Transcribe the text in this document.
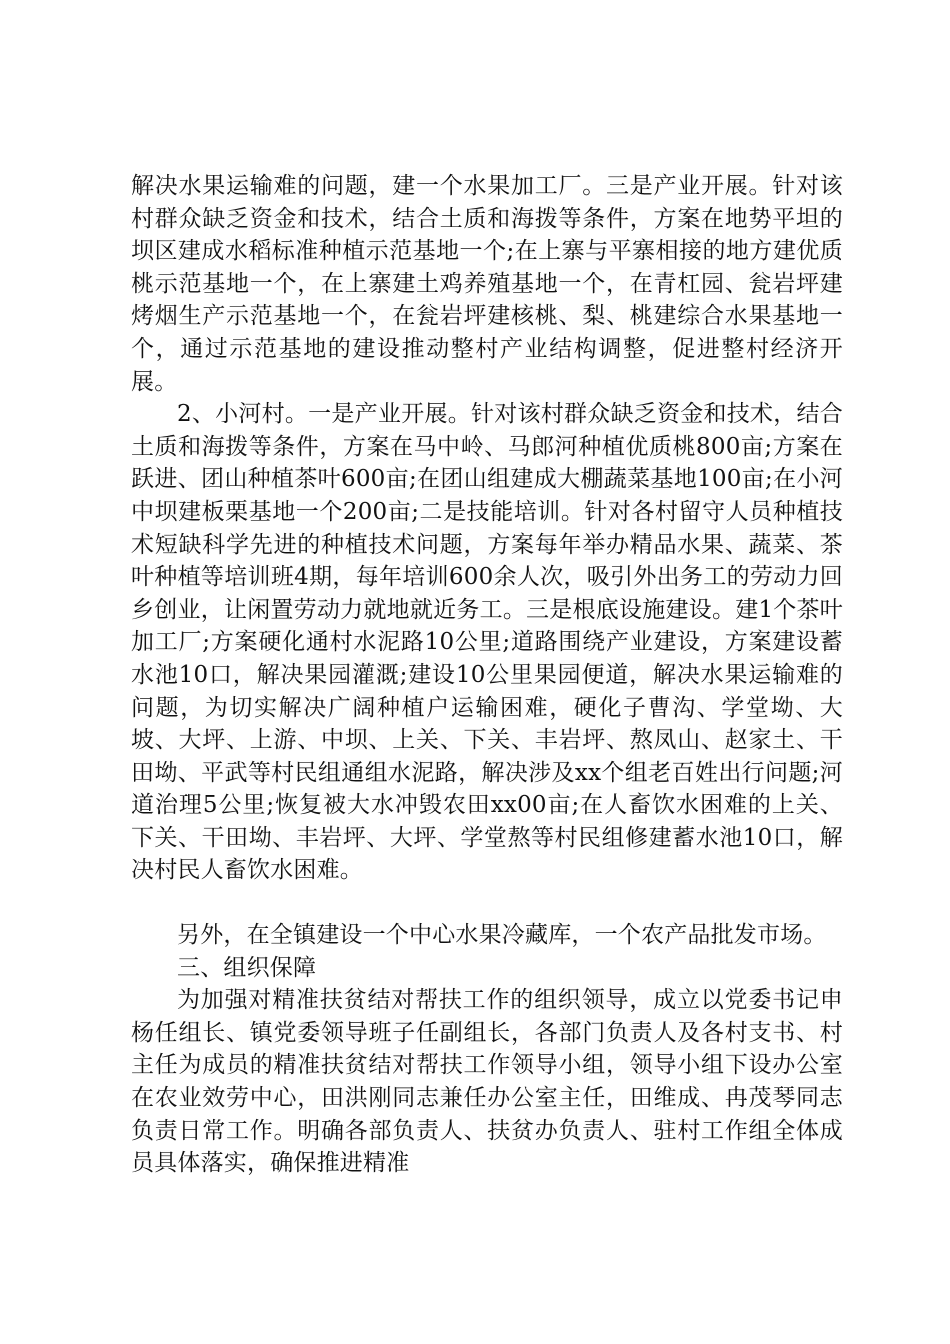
解决水果运输难的问题，建一个水果加工厂。三是产业开展。针对该村群众缺乏资金和技术，结合土质和海拨等条件，方案在地势平坦的坝区建成水稻标准种植示范基地一个;在上寨与平寨相接的地方建优质桃示范基地一个，在上寨建土鸡养殖基地一个，在青杠园、瓮岩坪建烤烟生产示范基地一个，在瓮岩坪建核桃、梨、桃建综合水果基地一个，通过示范基地的建设推动整村产业结构调整，促进整村经济开展。

2、小河村。一是产业开展。针对该村群众缺乏资金和技术，结合土质和海拨等条件，方案在马中岭、马郎河种植优质桃800亩;方案在跃进、团山种植茶叶600亩;在团山组建成大棚蔬菜基地100亩;在小河中坝建板栗基地一个200亩;二是技能培训。针对各村留守人员种植技术短缺科学先进的种植技术问题，方案每年举办精品水果、蔬菜、茶叶种植等培训班4期，每年培训600余人次，吸引外出务工的劳动力回乡创业，让闲置劳动力就地就近务工。三是根底设施建设。建1个茶叶加工厂;方案硬化通村水泥路10公里;道路围绕产业建设，方案建设蓄水池10口，解决果园灌溉;建设10公里果园便道，解决水果运输难的问题，为切实解决广阔种植户运输困难，硬化子曹沟、学堂坳、大坡、大坪、上游、中坝、上关、下关、丰岩坪、熬凤山、赵家土、干田坳、平武等村民组通组水泥路，解决涉及xx个组老百姓出行问题;河道治理5公里;恢复被大水冲毁农田xx00亩;在人畜饮水困难的上关、下关、干田坳、丰岩坪、大坪、学堂熬等村民组修建蓄水池10口，解决村民人畜饮水困难。

另外，在全镇建设一个中心水果冷藏库，一个农产品批发市场。

三、组织保障

为加强对精准扶贫结对帮扶工作的组织领导，成立以党委书记申杨任组长、镇党委领导班子任副组长，各部门负责人及各村支书、村主任为成员的精准扶贫结对帮扶工作领导小组，领导小组下设办公室在农业效劳中心，田洪刚同志兼任办公室主任，田维成、冉茂琴同志负责日常工作。明确各部负责人、扶贫办负责人、驻村工作组全体成员具体落实，确保推进精准
